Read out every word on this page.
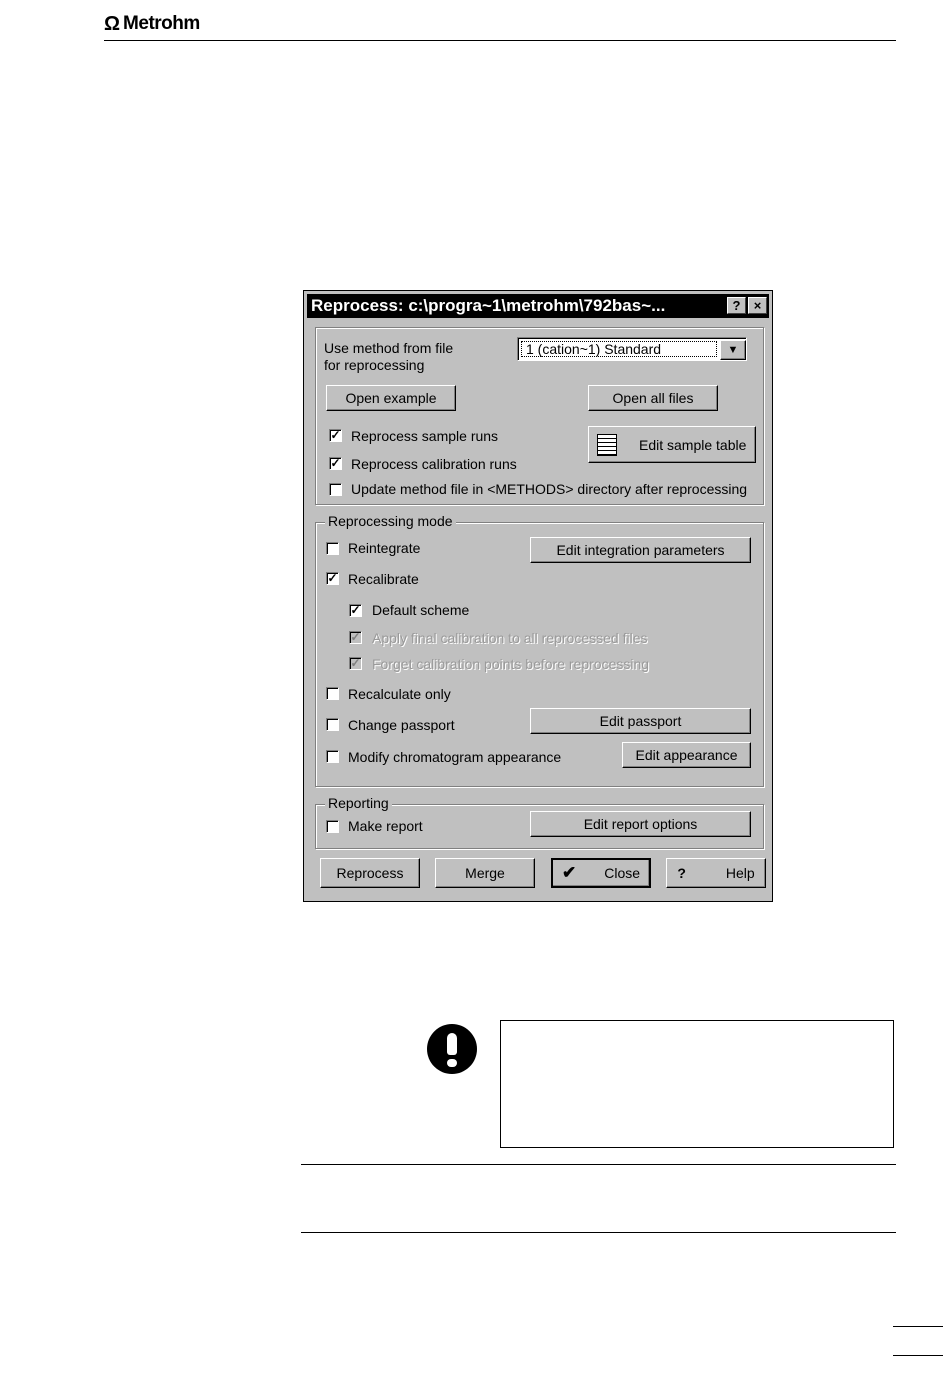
Ω Metrohm
Reprocess: c:\progra~1\metrohm\792bas~...	?	×
Use method from file
for reprocessing
1 (cation~1) Standard	▼
Open example	Open all files
✓ Reprocess sample runs
✓ Reprocess calibration runs
Edit sample table
Update method file in <METHODS> directory after reprocessing
Reprocessing mode
Reintegrate	Edit integration parameters
✓ Recalibrate
✓ Default scheme
✓ Apply final calibration to all reprocessed files
✓ Forget calibration points before reprocessing
Recalculate only
Change passport	Edit passport
Modify chromatogram appearance	Edit appearance
Reporting
Make report	Edit report options
Reprocess	Merge	✔ Close	?	Help
